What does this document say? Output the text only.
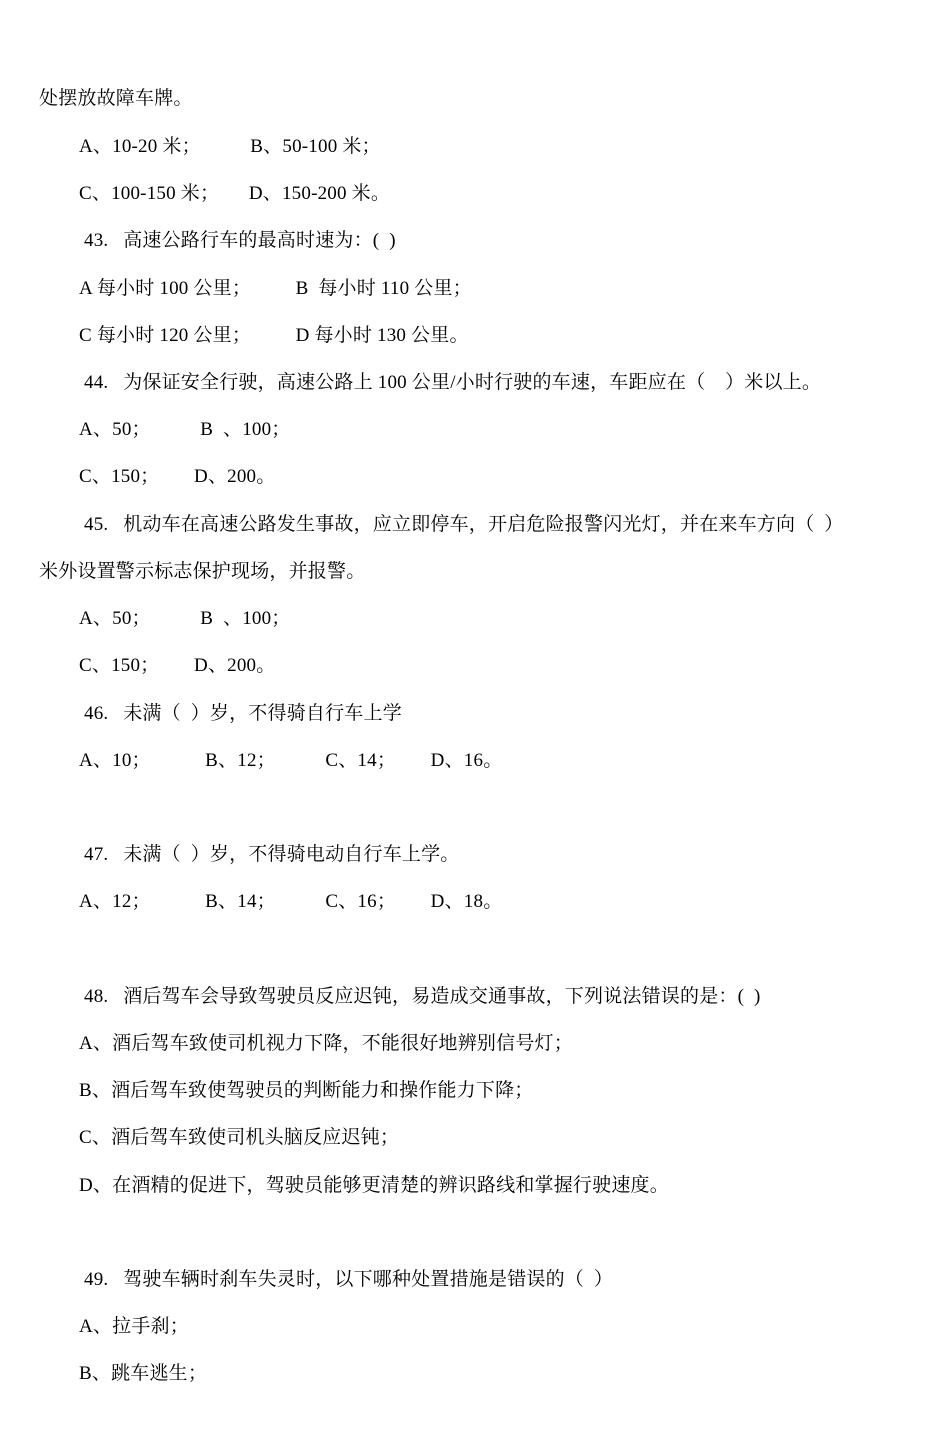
处摆放故障车牌。
A、10-20 米；          B、50-100 米；
C、100-150 米；      D、150-200 米。
43.   高速公路行车的最高时速为：(  )
A 每小时 100 公里；         B  每小时 110 公里；
C 每小时 120 公里；         D 每小时 130 公里。
44.   为保证安全行驶，高速公路上 100 公里/小时行驶的车速，车距应在（    ）米以上。
A、50；          B  、100；
C、150；       D、200。
45.   机动车在高速公路发生事故，应立即停车，开启危险报警闪光灯，并在来车方向（  ）
米外设置警示标志保护现场，并报警。
A、50；          B  、100；
C、150；       D、200。
46.   未满（  ）岁，不得骑自行车上学
A、10；           B、12；          C、14；       D、16。
47.   未满（  ）岁，不得骑电动自行车上学。
A、12；           B、14；          C、16；       D、18。
48.   酒后驾车会导致驾驶员反应迟钝，易造成交通事故，下列说法错误的是：(  )
A、酒后驾车致使司机视力下降，不能很好地辨别信号灯；
B、酒后驾车致使驾驶员的判断能力和操作能力下降；
C、酒后驾车致使司机头脑反应迟钝；
D、在酒精的促进下，驾驶员能够更清楚的辨识路线和掌握行驶速度。
49.   驾驶车辆时刹车失灵时，以下哪种处置措施是错误的（  ）
A、拉手刹；
B、跳车逃生；
